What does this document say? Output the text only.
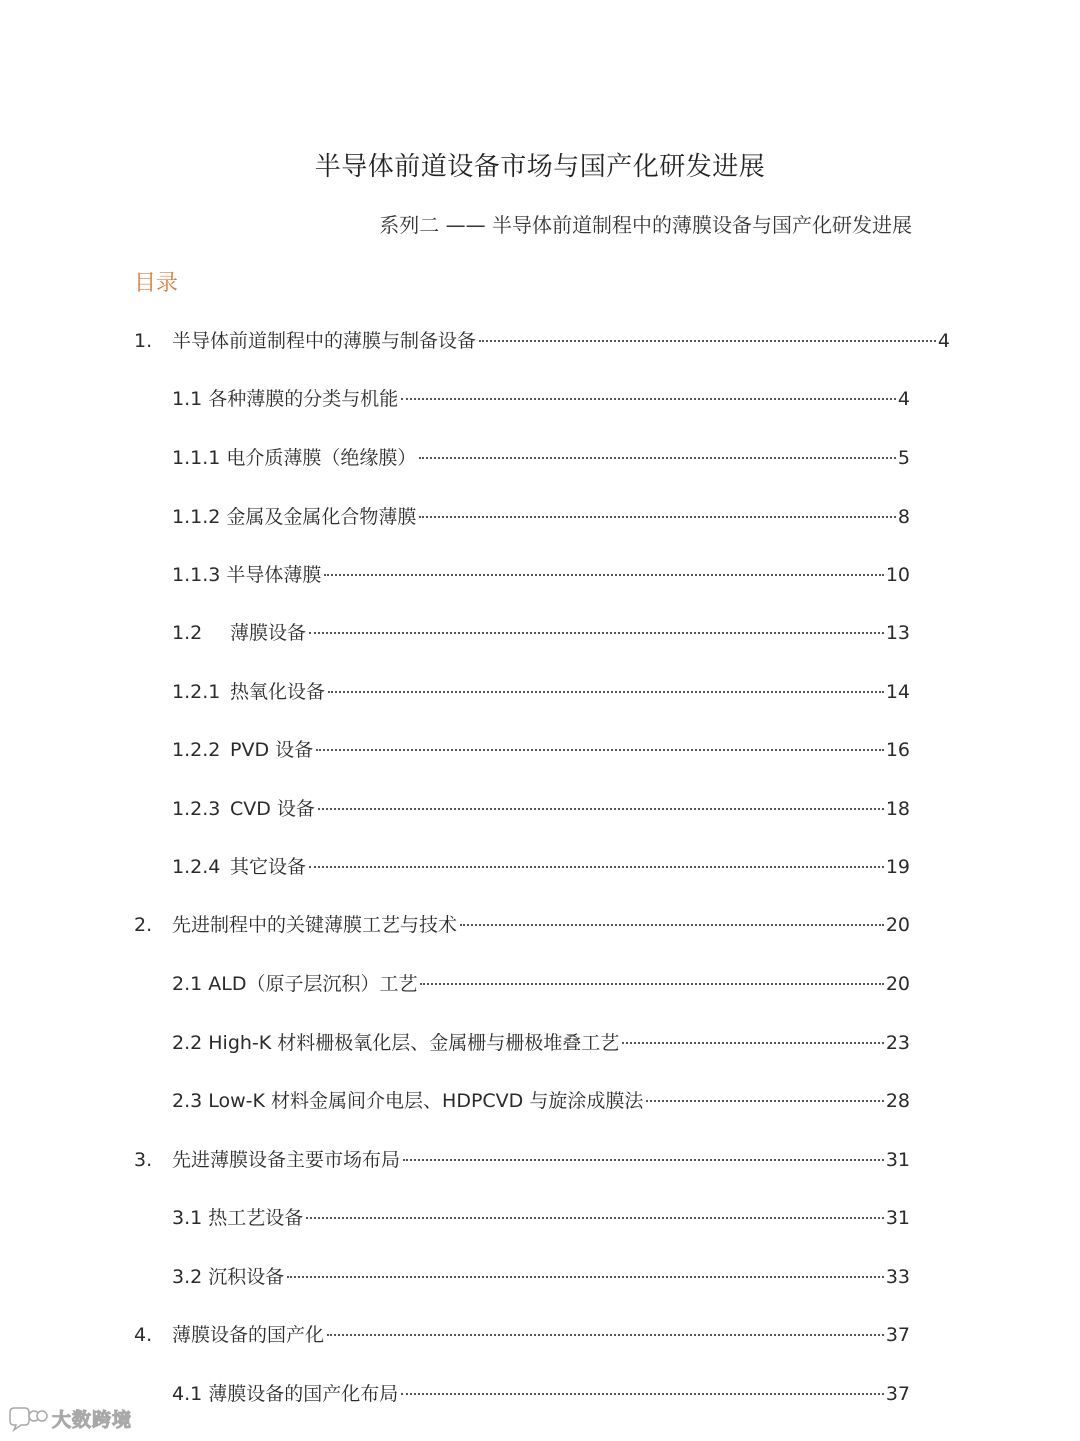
半导体前道设备市场与国产化研发进展
系列二 —— 半导体前道制程中的薄膜设备与国产化研发进展
目录
1.	半导体前道制程中的薄膜与制备设备	4
1.1 各种薄膜的分类与机能	4
1.1.1 电介质薄膜（绝缘膜）	5
1.1.2 金属及金属化合物薄膜	8
1.1.3 半导体薄膜	10
1.2	薄膜设备	13
1.2.1 热氧化设备	14
1.2.2 PVD 设备	16
1.2.3 CVD 设备	18
1.2.4 其它设备	19
2.	先进制程中的关键薄膜工艺与技术	20
2.1 ALD（原子层沉积）工艺	20
2.2 High-K 材料栅极氧化层、金属栅与栅极堆叠工艺	23
2.3 Low-K 材料金属间介电层、HDPCVD 与旋涂成膜法	28
3.	先进薄膜设备主要市场布局	31
3.1 热工艺设备	31
3.2 沉积设备	33
4.	薄膜设备的国产化	37
4.1 薄膜设备的国产化布局	37
大数跨境
